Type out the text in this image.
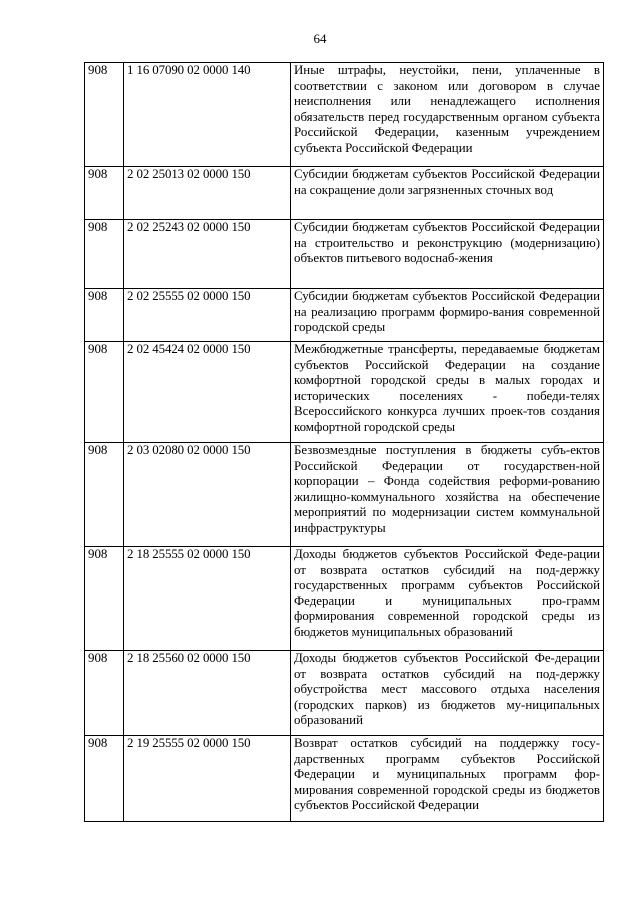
64
908	1 16 07090 02 0000 140	Иные штрафы, неустойки, пени, уплаченные в соответствии с законом или договором в случае неисполнения или ненадлежащего исполнения обязательств перед государственным органом субъекта Российской Федерации, казенным учреждением субъекта Российской Федерации
908	2 02 25013 02 0000 150	Субсидии бюджетам субъектов Российской Федерации на сокращение доли загрязненных сточных вод
908	2 02 25243 02 0000 150	Субсидии бюджетам субъектов Российской Федерации на строительство и реконструкцию (модернизацию) объектов питьевого водоснаб-жения
908	2 02 25555 02 0000 150	Субсидии бюджетам субъектов Российской Федерации на реализацию программ формиро-вания современной городской среды
908	2 02 45424 02 0000 150	Межбюджетные трансферты, передаваемые бюджетам субъектов Российской Федерации на создание комфортной городской среды в малых городах и исторических поселениях - победи-телях Всероссийского конкурса лучших проек-тов создания комфортной городской среды
908	2 03 02080 02 0000 150	Безвозмездные поступления в бюджеты субъ-ектов Российской Федерации от государствен-ной корпорации – Фонда содействия реформи-рованию жилищно-коммунального хозяйства на обеспечение мероприятий по модернизации систем коммунальной инфраструктуры
908	2 18 25555 02 0000 150	Доходы бюджетов субъектов Российской Феде-рации от возврата остатков субсидий на под-держку государственных программ субъектов Российской Федерации и муниципальных про-грамм формирования современной городской среды из бюджетов муниципальных образований
908	2 18 25560 02 0000 150	Доходы бюджетов субъектов Российской Фе-дерации от возврата остатков субсидий на под-держку обустройства мест массового отдыха населения (городских парков) из бюджетов му-ниципальных образований
908	2 19 25555 02 0000 150	Возврат остатков субсидий на поддержку госу-дарственных программ субъектов Российской Федерации и муниципальных программ фор-мирования современной городской среды из бюджетов субъектов Российской Федерации
